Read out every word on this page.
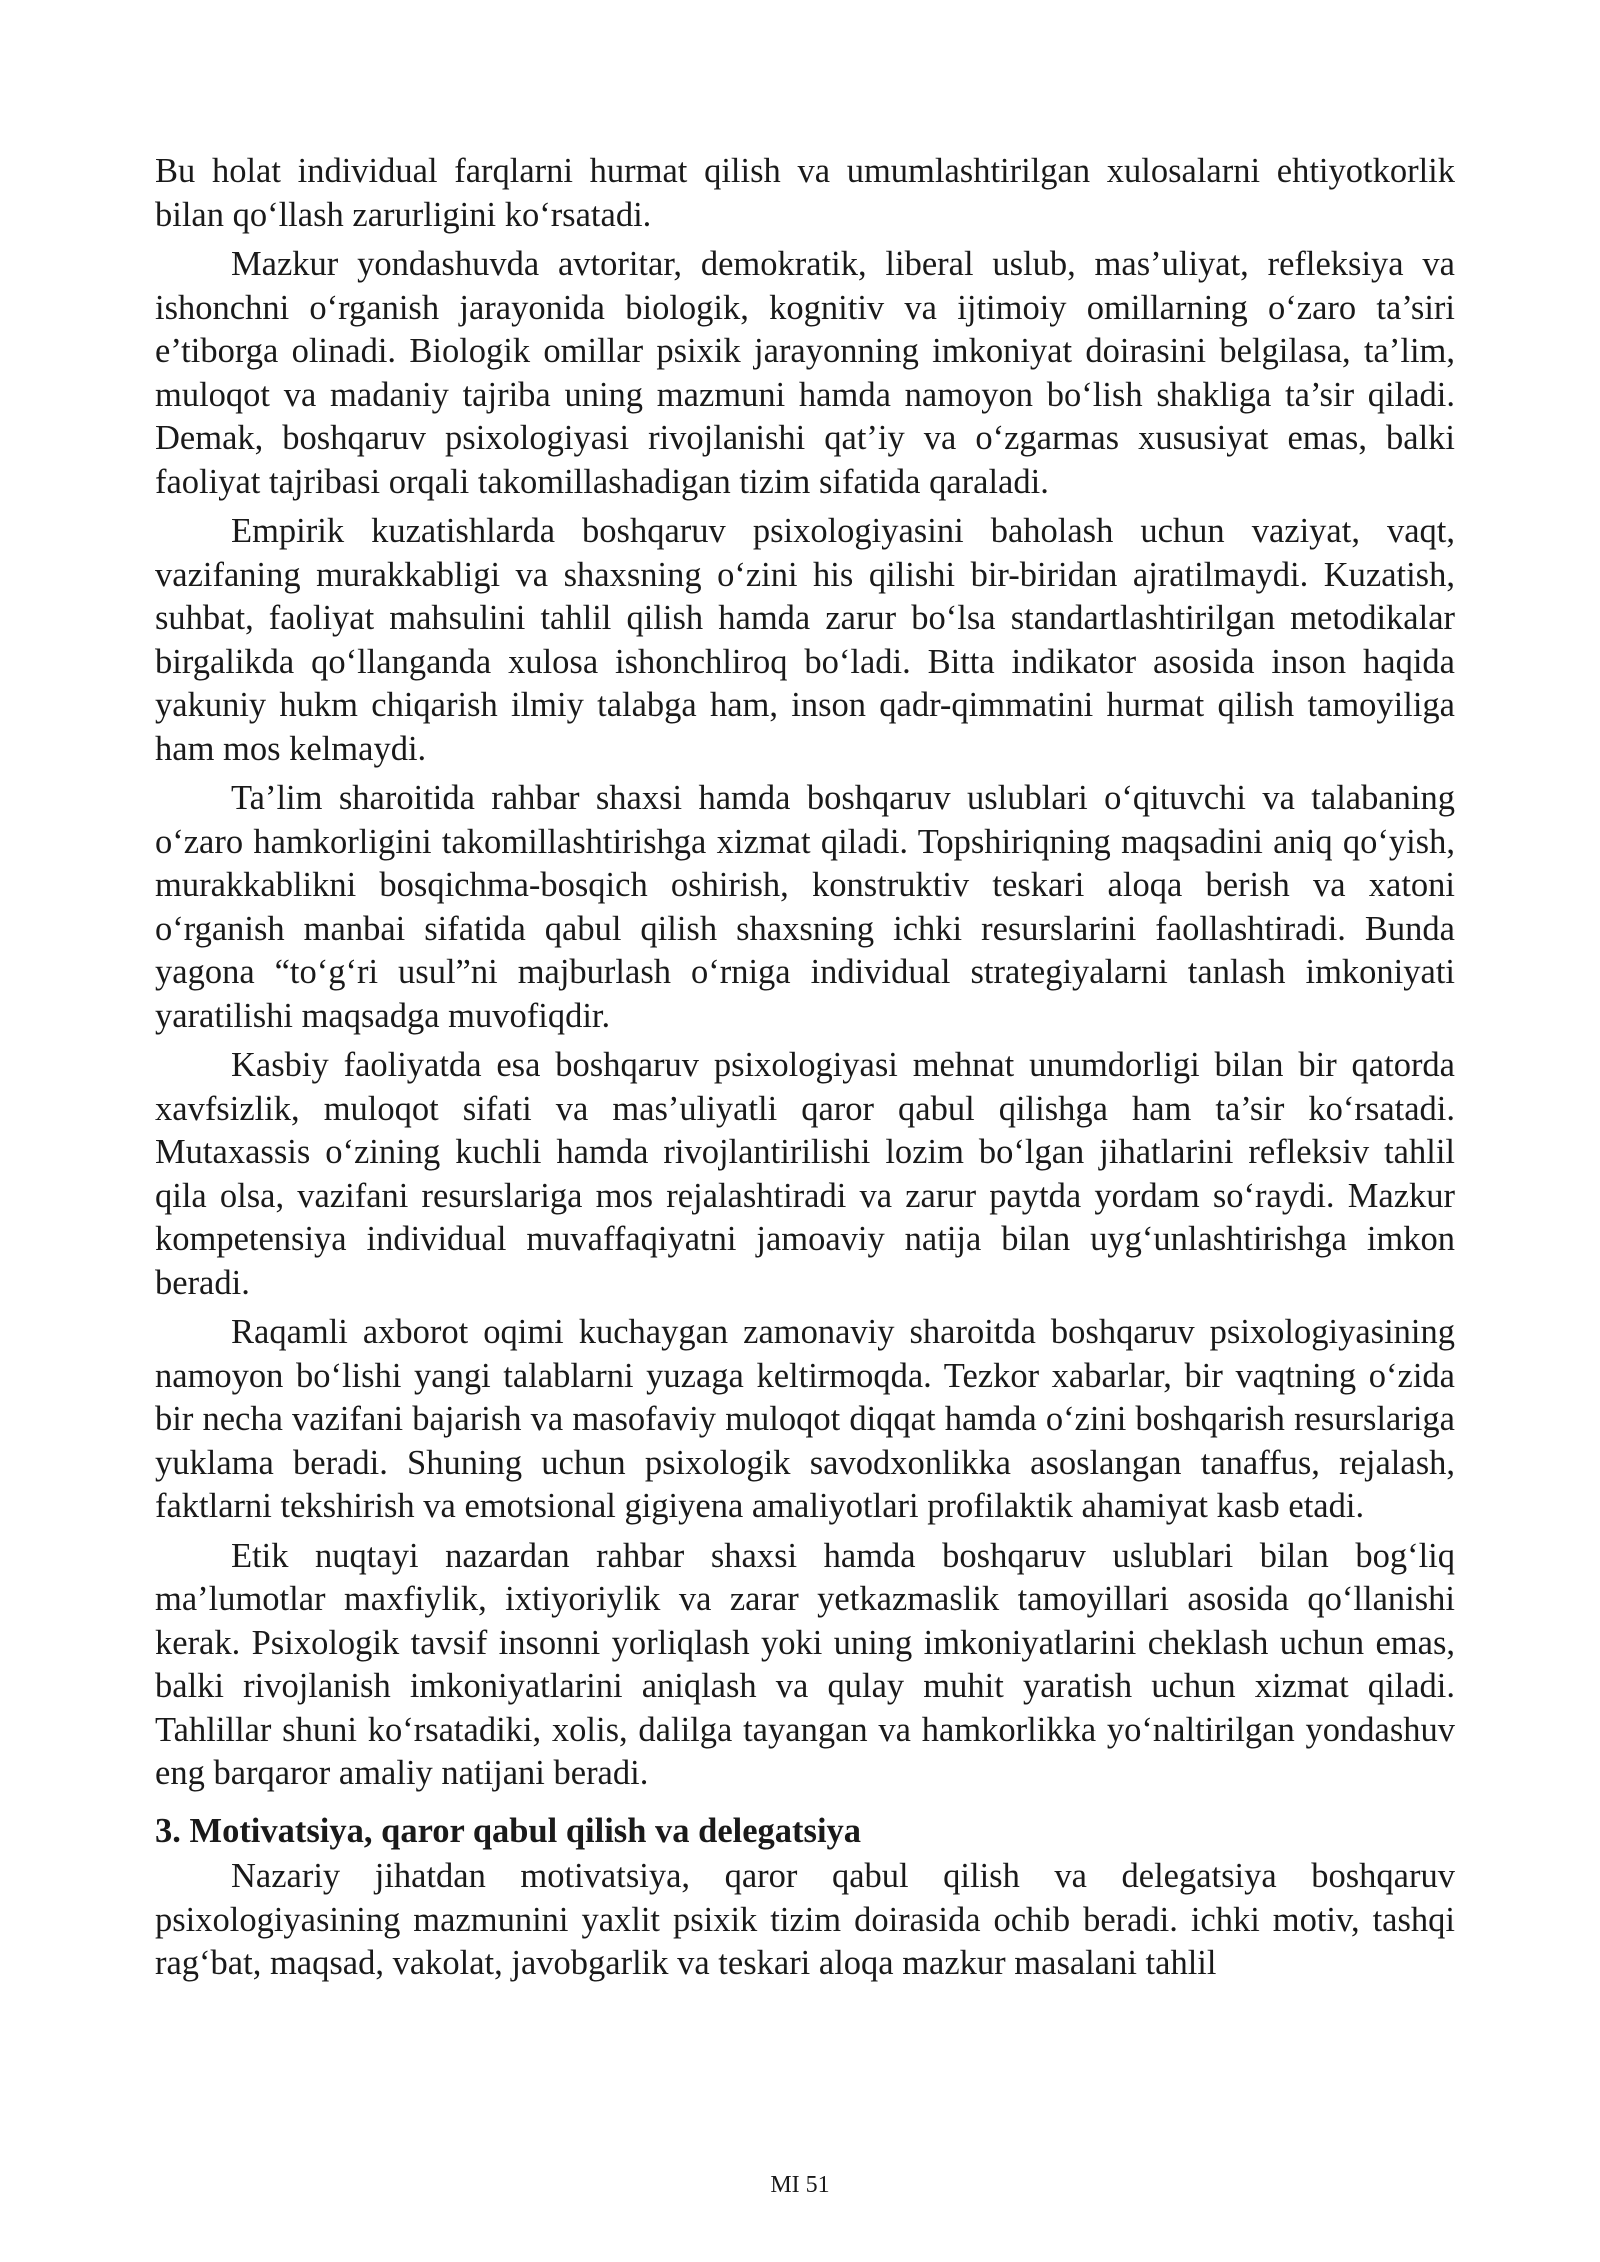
Bu holat individual farqlarni hurmat qilish va umumlashtirilgan xulosalarni ehtiyotkorlik bilan qo‘llash zarurligini ko‘rsatadi.

Mazkur yondashuvda avtoritar, demokratik, liberal uslub, mas’uliyat, refleksiya va ishonchni o‘rganish jarayonida biologik, kognitiv va ijtimoiy omillarning o‘zaro ta’siri e’tiborga olinadi. Biologik omillar psixik jarayonning imkoniyat doirasini belgilasa, ta’lim, muloqot va madaniy tajriba uning mazmuni hamda namoyon bo‘lish shakliga ta’sir qiladi. Demak, boshqaruv psixologiyasi rivojlanishi qat’iy va o‘zgarmas xususiyat emas, balki faoliyat tajribasi orqali takomillashadigan tizim sifatida qaraladi.

Empirik kuzatishlarda boshqaruv psixologiyasini baholash uchun vaziyat, vaqt, vazifaning murakkabligi va shaxsning o‘zini his qilishi bir-biridan ajratilmaydi. Kuzatish, suhbat, faoliyat mahsulini tahlil qilish hamda zarur bo‘lsa standartlashtirilgan metodikalar birgalikda qo‘llanganda xulosa ishonchliroq bo‘ladi. Bitta indikator asosida inson haqida yakuniy hukm chiqarish ilmiy talabga ham, inson qadr-qimmatini hurmat qilish tamoyiliga ham mos kelmaydi.

Ta’lim sharoitida rahbar shaxsi hamda boshqaruv uslublari o‘qituvchi va talabaning o‘zaro hamkorligini takomillashtirishga xizmat qiladi. Topshiriqning maqsadini aniq qo‘yish, murakkablikni bosqichma-bosqich oshirish, konstruktiv teskari aloqa berish va xatoni o‘rganish manbai sifatida qabul qilish shaxsning ichki resurslarini faollashtiradi. Bunda yagona “to‘g‘ri usul”ni majburlash o‘rniga individual strategiyalarni tanlash imkoniyati yaratilishi maqsadga muvofiqdir.

Kasbiy faoliyatda esa boshqaruv psixologiyasi mehnat unumdorligi bilan bir qatorda xavfsizlik, muloqot sifati va mas’uliyatli qaror qabul qilishga ham ta’sir ko‘rsatadi. Mutaxassis o‘zining kuchli hamda rivojlantirilishi lozim bo‘lgan jihatlarini refleksiv tahlil qila olsa, vazifani resurslariga mos rejalashtiradi va zarur paytda yordam so‘raydi. Mazkur kompetensiya individual muvaffaqiyatni jamoaviy natija bilan uyg‘unlashtirishga imkon beradi.

Raqamli axborot oqimi kuchaygan zamonaviy sharoitda boshqaruv psixologiyasining namoyon bo‘lishi yangi talablarni yuzaga keltirmoqda. Tezkor xabarlar, bir vaqtning o‘zida bir necha vazifani bajarish va masofaviy muloqot diqqat hamda o‘zini boshqarish resurslariga yuklama beradi. Shuning uchun psixologik savodxonlikka asoslangan tanaffus, rejalash, faktlarni tekshirish va emotsional gigiyena amaliyotlari profilaktik ahamiyat kasb etadi.

Etik nuqtayi nazardan rahbar shaxsi hamda boshqaruv uslublari bilan bog‘liq ma’lumotlar maxfiylik, ixtiyoriylik va zarar yetkazmaslik tamoyillari asosida qo‘llanishi kerak. Psixologik tavsif insonni yorliqlash yoki uning imkoniyatlarini cheklash uchun emas, balki rivojlanish imkoniyatlarini aniqlash va qulay muhit yaratish uchun xizmat qiladi. Tahlillar shuni ko‘rsatadiki, xolis, dalilga tayangan va hamkorlikka yo‘naltirilgan yondashuv eng barqaror amaliy natijani beradi.

3. Motivatsiya, qaror qabul qilish va delegatsiya

Nazariy jihatdan motivatsiya, qaror qabul qilish va delegatsiya boshqaruv psixologiyasining mazmunini yaxlit psixik tizim doirasida ochib beradi. ichki motiv, tashqi rag‘bat, maqsad, vakolat, javobgarlik va teskari aloqa mazkur masalani tahlil

MI 51
